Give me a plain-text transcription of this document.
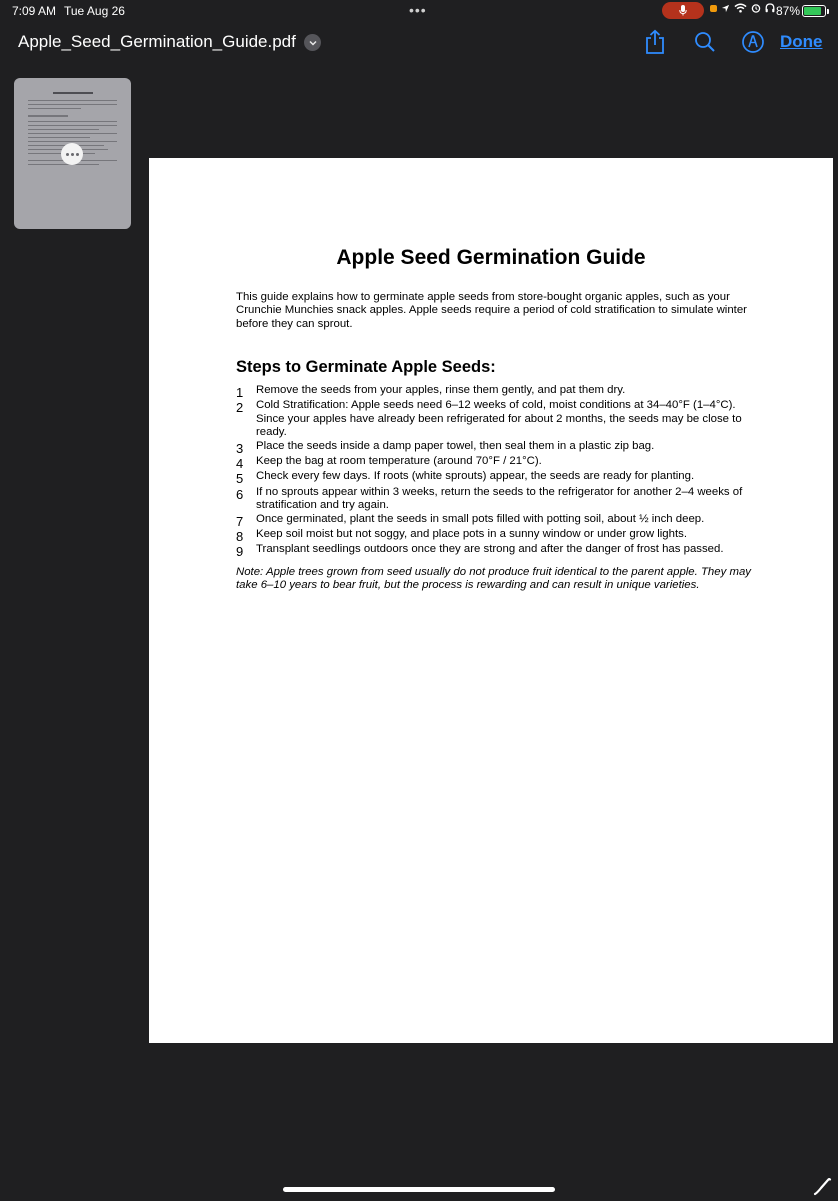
7:09 AM Tue Aug 26	•••	87%
Apple_Seed_Germination_Guide.pdf	Done
Apple Seed Germination Guide
This guide explains how to germinate apple seeds from store-bought organic apples, such as your
Crunchie Munchies snack apples. Apple seeds require a period of cold stratification to simulate winter
before they can sprout.
Steps to Germinate Apple Seeds:
1	Remove the seeds from your apples, rinse them gently, and pat them dry.
2	Cold Stratification: Apple seeds need 6–12 weeks of cold, moist conditions at 34–40°F (1–4°C).
Since your apples have already been refrigerated for about 2 months, the seeds may be close to
ready.
3	Place the seeds inside a damp paper towel, then seal them in a plastic zip bag.
4	Keep the bag at room temperature (around 70°F / 21°C).
5	Check every few days. If roots (white sprouts) appear, the seeds are ready for planting.
6	If no sprouts appear within 3 weeks, return the seeds to the refrigerator for another 2–4 weeks of
stratification and try again.
7	Once germinated, plant the seeds in small pots filled with potting soil, about ½ inch deep.
8	Keep soil moist but not soggy, and place pots in a sunny window or under grow lights.
9	Transplant seedlings outdoors once they are strong and after the danger of frost has passed.
Note: Apple trees grown from seed usually do not produce fruit identical to the parent apple. They may
take 6–10 years to bear fruit, but the process is rewarding and can result in unique varieties.
